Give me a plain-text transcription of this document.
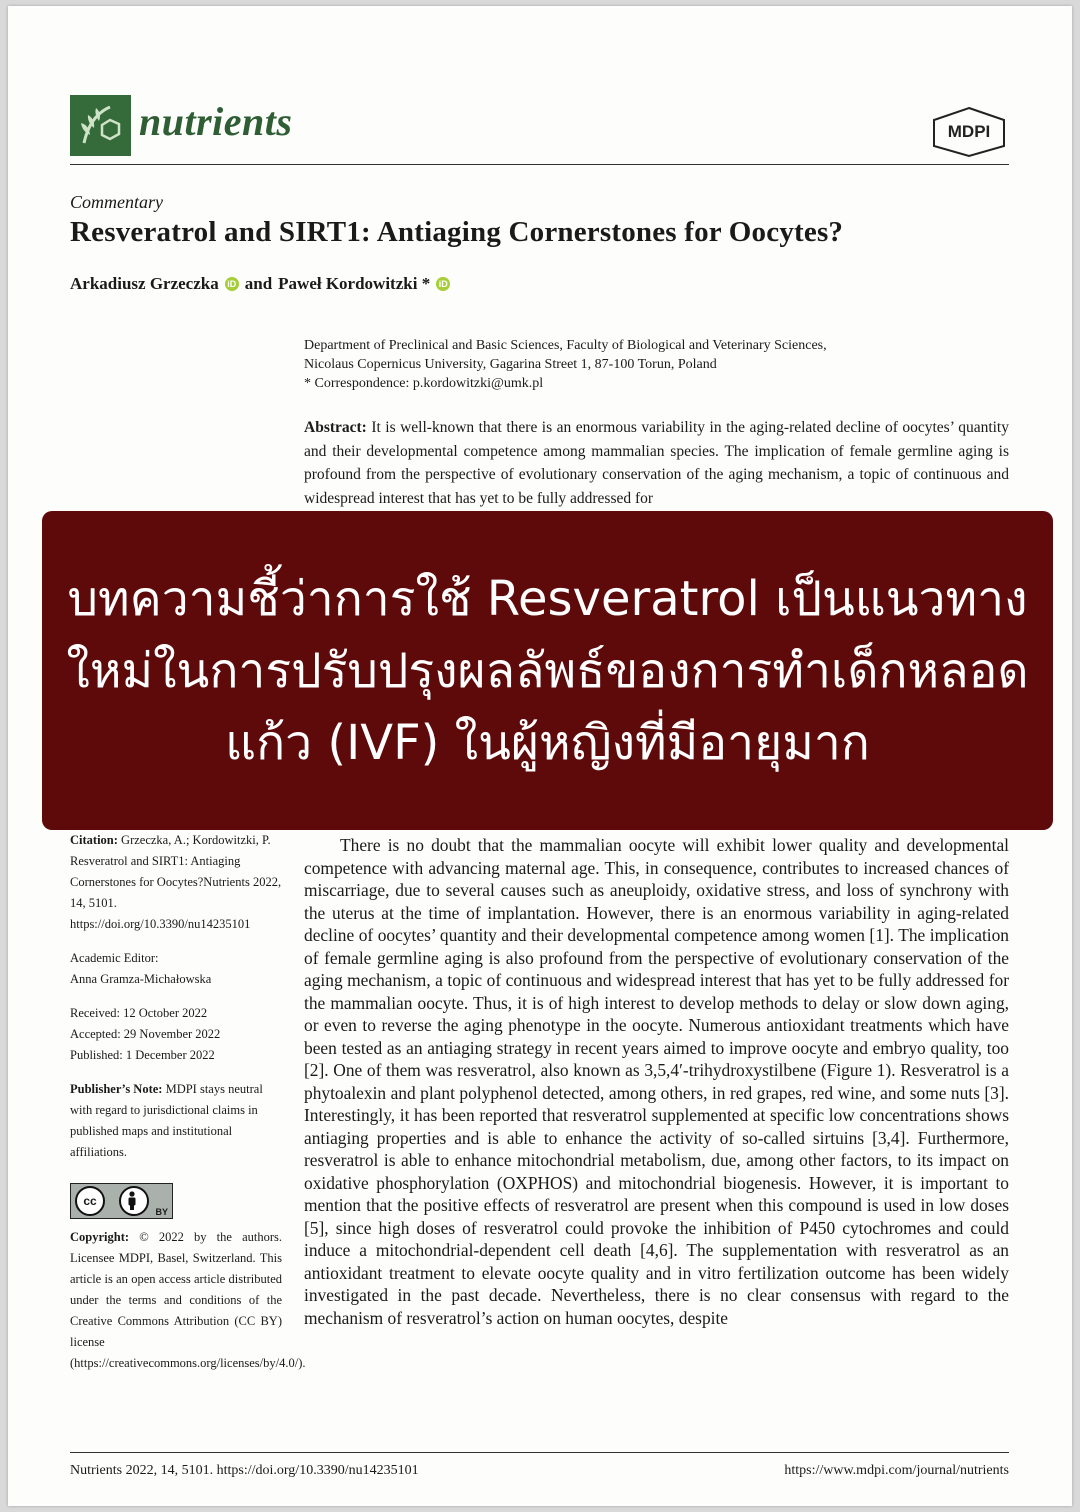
nutrients	MDPI
Commentary
Resveratrol and SIRT1: Antiaging Cornerstones for Oocytes?
Arkadiusz Grzeczka iD and Paweł Kordowitzki * iD
Department of Preclinical and Basic Sciences, Faculty of Biological and Veterinary Sciences,
Nicolaus Copernicus University, Gagarina Street 1, 87-100 Torun, Poland
* Correspondence: p.kordowitzki@umk.pl
Abstract: It is well-known that there is an enormous variability in the aging-related decline of oocytes’ quantity and their developmental competence among mammalian species. The implication of female germline aging is profound from the perspective of evolutionary conservation of the aging mechanism, a topic of continuous and widespread interest that has yet to be fully addressed for
Citation: Grzeczka, A.; Kordowitzki, P. Resveratrol and SIRT1: Antiaging Cornerstones for Oocytes?Nutrients 2022, 14, 5101. https://doi.org/10.3390/nu14235101
Academic Editor:
Anna Gramza-Michałowska
Received: 12 October 2022
Accepted: 29 November 2022
Published: 1 December 2022
Publisher’s Note: MDPI stays neutral with regard to jurisdictional claims in published maps and institutional affiliations.
cc
BY
Copyright: © 2022 by the authors. Licensee MDPI, Basel, Switzerland. This article is an open access article distributed under the terms and conditions of the Creative Commons Attribution (CC BY) license (https://creativecommons.org/licenses/by/4.0/).

There is no doubt that the mammalian oocyte will exhibit lower quality and developmental competence with advancing maternal age. This, in consequence, contributes to increased chances of miscarriage, due to several causes such as aneuploidy, oxidative stress, and loss of synchrony with the uterus at the time of implantation. However, there is an enormous variability in aging-related decline of oocytes’ quantity and their developmental competence among women [1]. The implication of female germline aging is also profound from the perspective of evolutionary conservation of the aging mechanism, a topic of continuous and widespread interest that has yet to be fully addressed for the mammalian oocyte. Thus, it is of high interest to develop methods to delay or slow down aging, or even to reverse the aging phenotype in the oocyte. Numerous antioxidant treatments which have been tested as an antiaging strategy in recent years aimed to improve oocyte and embryo quality, too [2]. One of them was resveratrol, also known as 3,5,4′-trihydroxystilbene (Figure 1). Resveratrol is a phytoalexin and plant polyphenol detected, among others, in red grapes, red wine, and some nuts [3]. Interestingly, it has been reported that resveratrol supplemented at specific low concentrations shows antiaging properties and is able to enhance the activity of so-called sirtuins [3,4]. Furthermore, resveratrol is able to enhance mitochondrial metabolism, due, among other factors, to its impact on oxidative phosphorylation (OXPHOS) and mitochondrial biogenesis. However, it is important to mention that the positive effects of resveratrol are present when this compound is used in low doses [5], since high doses of resveratrol could provoke the inhibition of P450 cytochromes and could induce a mitochondrial-dependent cell death [4,6]. The supplementation with resveratrol as an antioxidant treatment to elevate oocyte quality and in vitro fertilization outcome has been widely investigated in the past decade. Nevertheless, there is no clear consensus with regard to the mechanism of resveratrol’s action on human oocytes, despite

Nutrients 2022, 14, 5101. https://doi.org/10.3390/nu14235101	https://www.mdpi.com/journal/nutrients
บทความชี้ว่าการใช้ Resveratrol เป็นแนวทางใหม่ในการปรับปรุงผลลัพธ์ของการทำเด็กหลอดแก้ว (IVF) ในผู้หญิงที่มีอายุมาก
